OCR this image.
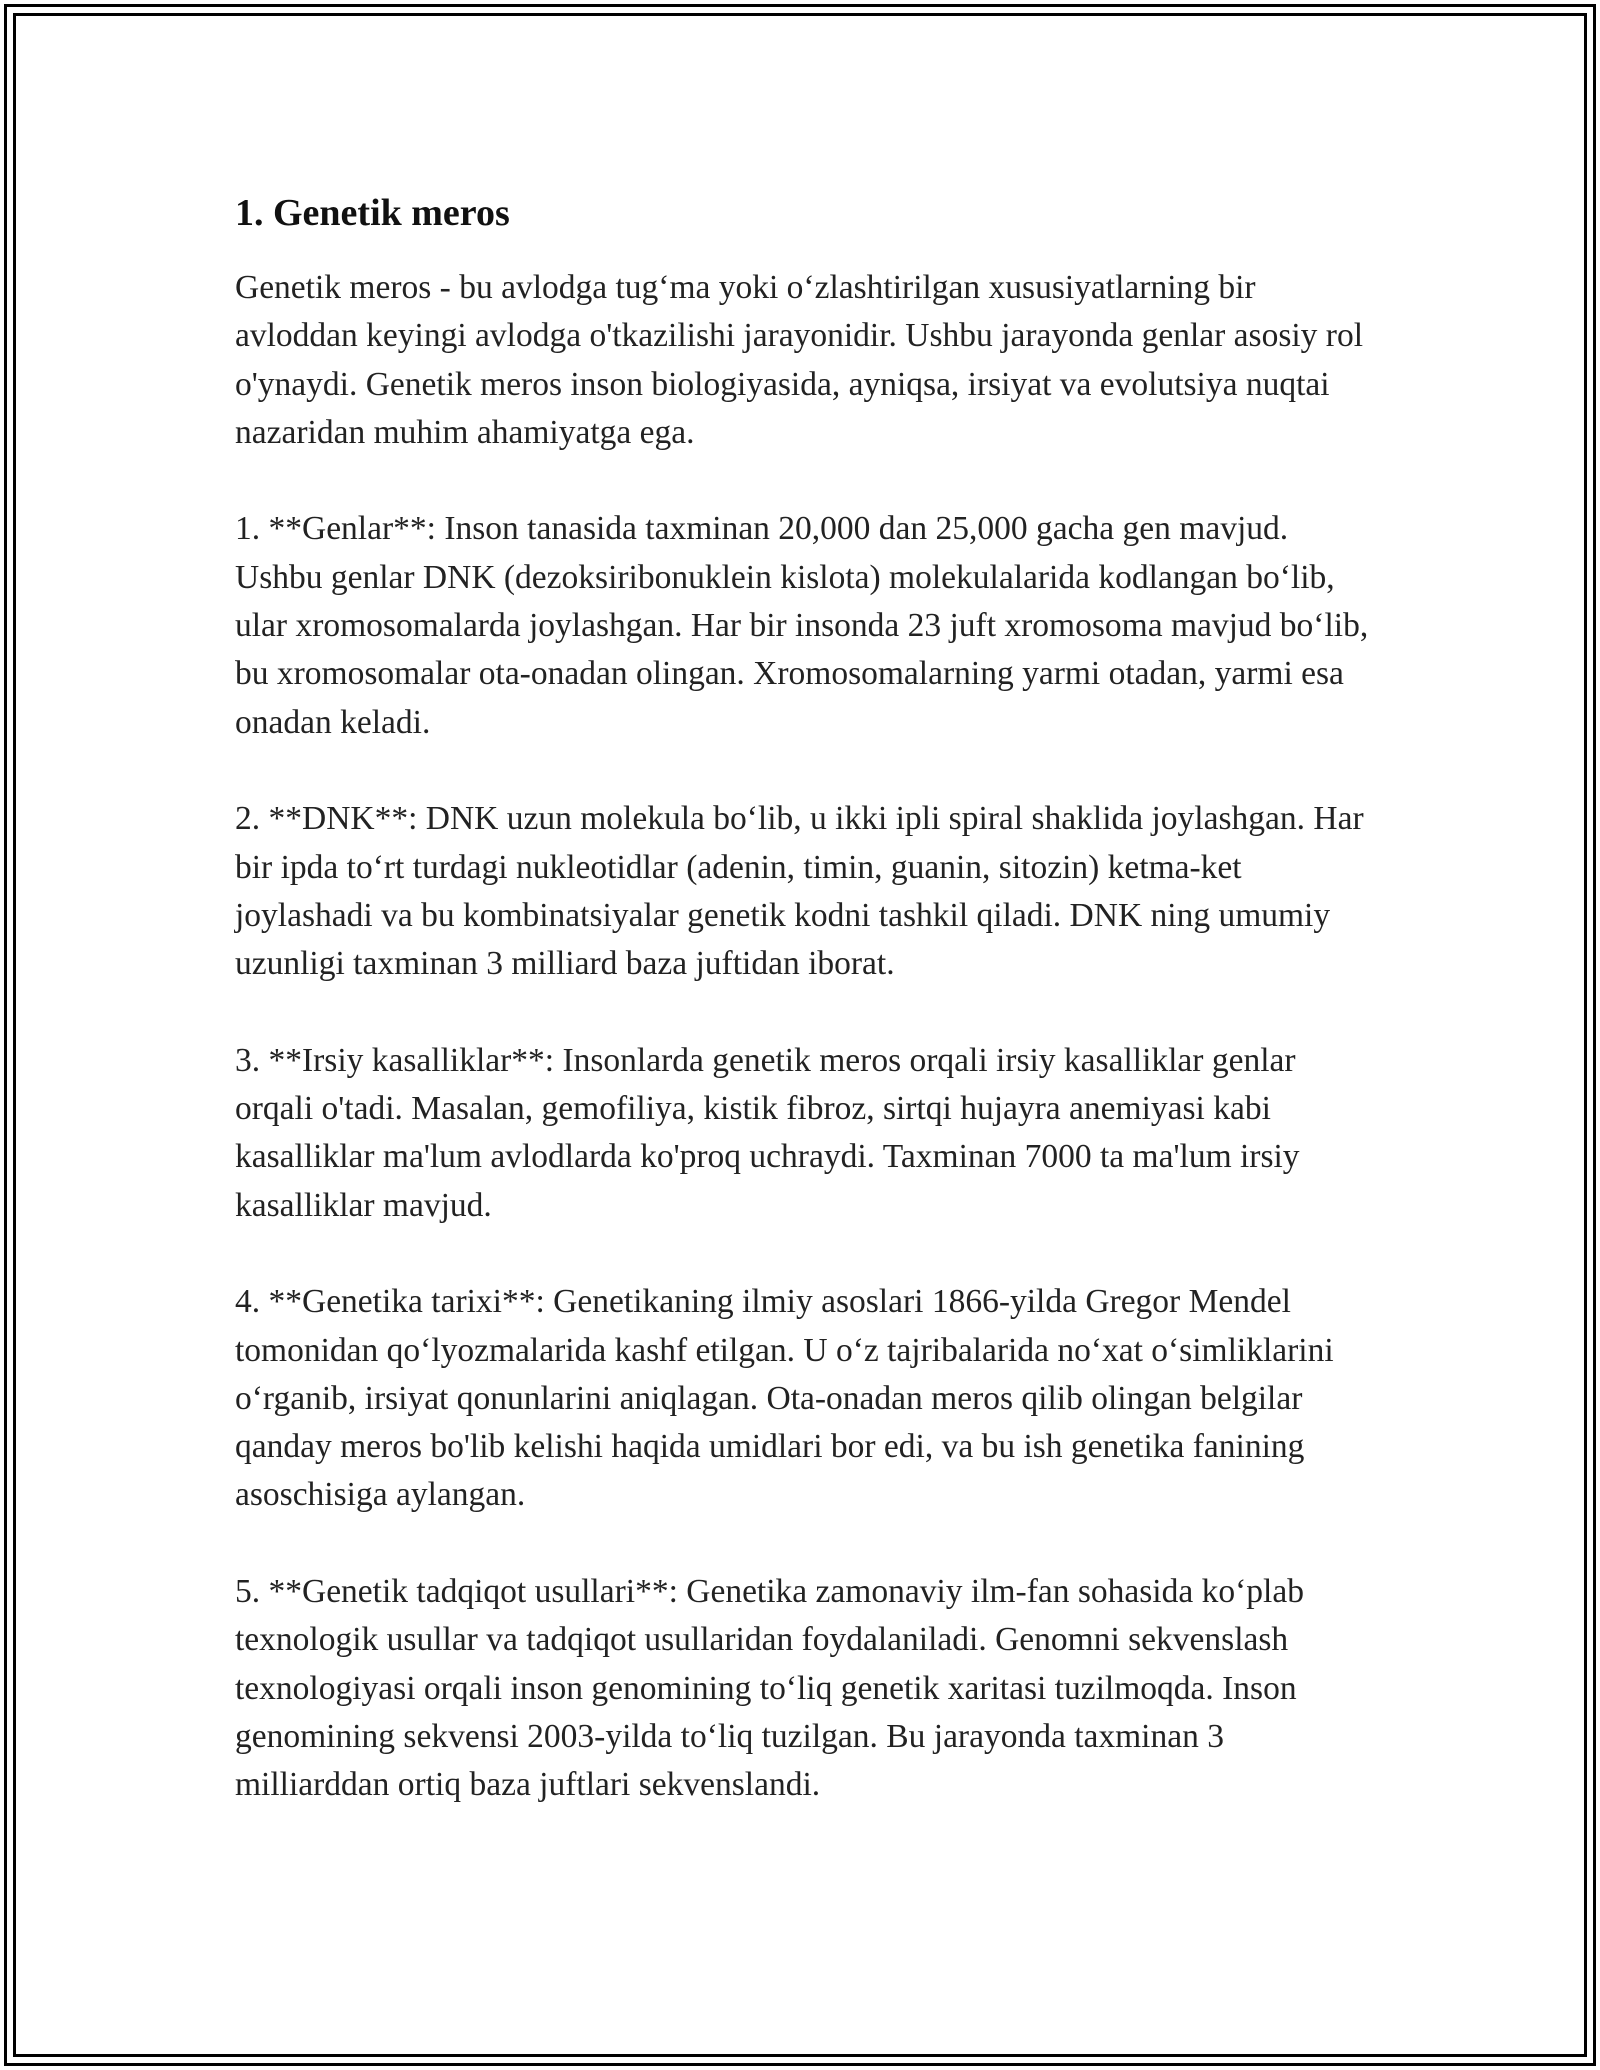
1. Genetik meros

Genetik meros - bu avlodga tug‘ma yoki o‘zlashtirilgan xususiyatlarning bir avloddan keyingi avlodga o'tkazilishi jarayonidir. Ushbu jarayonda genlar asosiy rol o'ynaydi. Genetik meros inson biologiyasida, ayniqsa, irsiyat va evolutsiya nuqtai nazaridan muhim ahamiyatga ega.

1. **Genlar**: Inson tanasida taxminan 20,000 dan 25,000 gacha gen mavjud. Ushbu genlar DNK (dezoksiribonuklein kislota) molekulalarida kodlangan bo‘lib, ular xromosomalarda joylashgan. Har bir insonda 23 juft xromosoma mavjud bo‘lib, bu xromosomalar ota-onadan olingan. Xromosomalarning yarmi otadan, yarmi esa onadan keladi.

2. **DNK**: DNK uzun molekula bo‘lib, u ikki ipli spiral shaklida joylashgan. Har bir ipda to‘rt turdagi nukleotidlar (adenin, timin, guanin, sitozin) ketma-ket joylashadi va bu kombinatsiyalar genetik kodni tashkil qiladi. DNK ning umumiy uzunligi taxminan 3 milliard baza juftidan iborat.

3. **Irsiy kasalliklar**: Insonlarda genetik meros orqali irsiy kasalliklar genlar orqali o'tadi. Masalan, gemofiliya, kistik fibroz, sirtqi hujayra anemiyasi kabi kasalliklar ma'lum avlodlarda ko'proq uchraydi. Taxminan 7000 ta ma'lum irsiy kasalliklar mavjud.

4. **Genetika tarixi**: Genetikaning ilmiy asoslari 1866-yilda Gregor Mendel tomonidan qo‘lyozmalarida kashf etilgan. U o‘z tajribalarida no‘xat o‘simliklarini o‘rganib, irsiyat qonunlarini aniqlagan. Ota-onadan meros qilib olingan belgilar qanday meros bo'lib kelishi haqida umidlari bor edi, va bu ish genetika fanining asoschisiga aylangan.

5. **Genetik tadqiqot usullari**: Genetika zamonaviy ilm-fan sohasida ko‘plab texnologik usullar va tadqiqot usullaridan foydalaniladi. Genomni sekvenslash texnologiyasi orqali inson genomining to‘liq genetik xaritasi tuzilmoqda. Inson genomining sekvensi 2003-yilda to‘liq tuzilgan. Bu jarayonda taxminan 3 milliarddan ortiq baza juftlari sekvenslandi.
